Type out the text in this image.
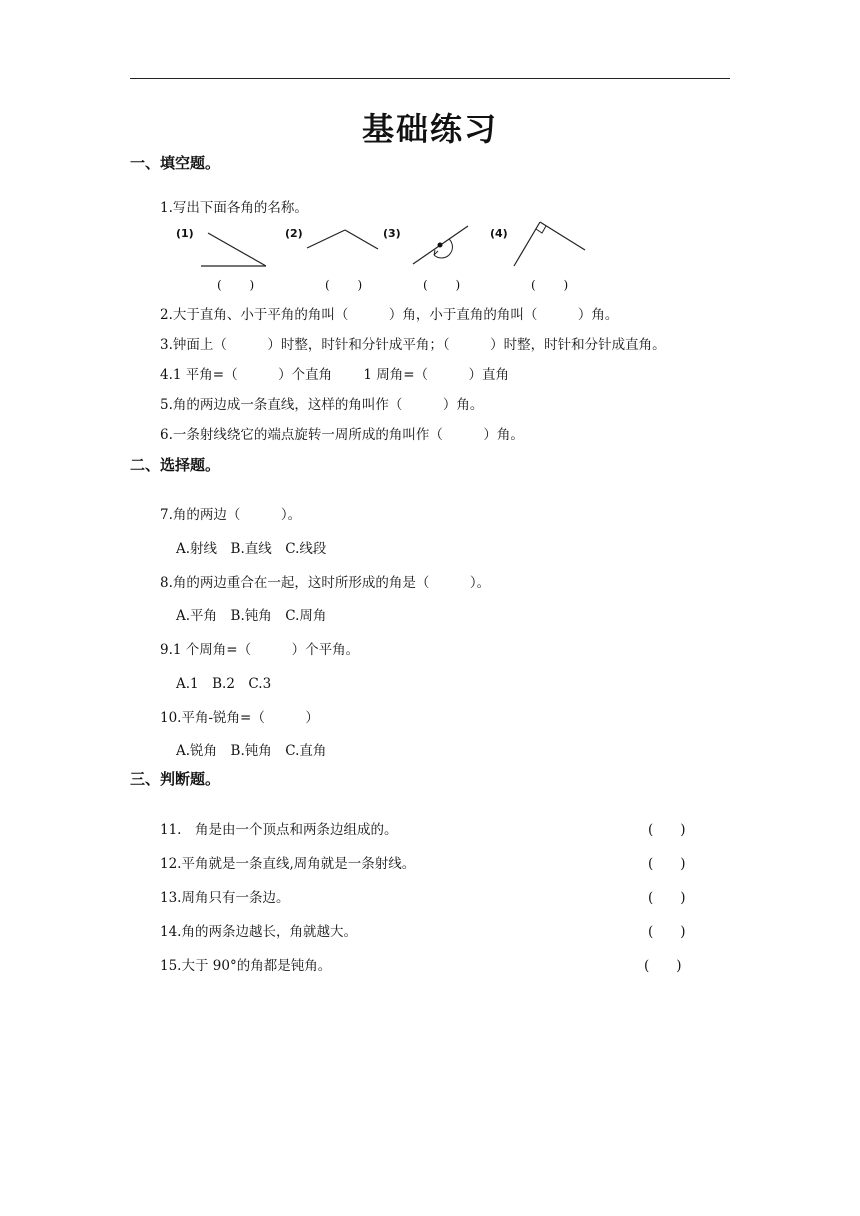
基础练习
一、填空题。
1.写出下面各角的名称。
(1)	(2)	(3)	(4)
(　　 )	(　　 )	(　　 )	(　　 )
2.大于直角、小于平角的角叫（　　　）角，小于直角的角叫（　　　）角。
3.钟面上（　　　）时整，时针和分针成平角；（　　　）时整，时针和分针成直角。
4.1 平角=（　　　）个直角　　 1 周角=（　　　）直角
5.角的两边成一条直线，这样的角叫作（　　　）角。
6.一条射线绕它的端点旋转一周所成的角叫作（　　　）角。
二、选择题。
7.角的两边（　　　）。
A.射线　B.直线　C.线段
8.角的两边重合在一起，这时所形成的角是（　　　）。
A.平角　B.钝角　C.周角
9.1 个周角=（　　　）个平角。
A.1　B.2　C.3
10.平角-锐角=（　　　）
A.锐角　B.钝角　C.直角
三、判断题。
11.　角是由一个顶点和两条边组成的。	(　　)
12.平角就是一条直线,周角就是一条射线。	(　　)
13.周角只有一条边。	(　　)
14.角的两条边越长，角就越大。	(　　)
15.大于 90°的角都是钝角。	(　　)
